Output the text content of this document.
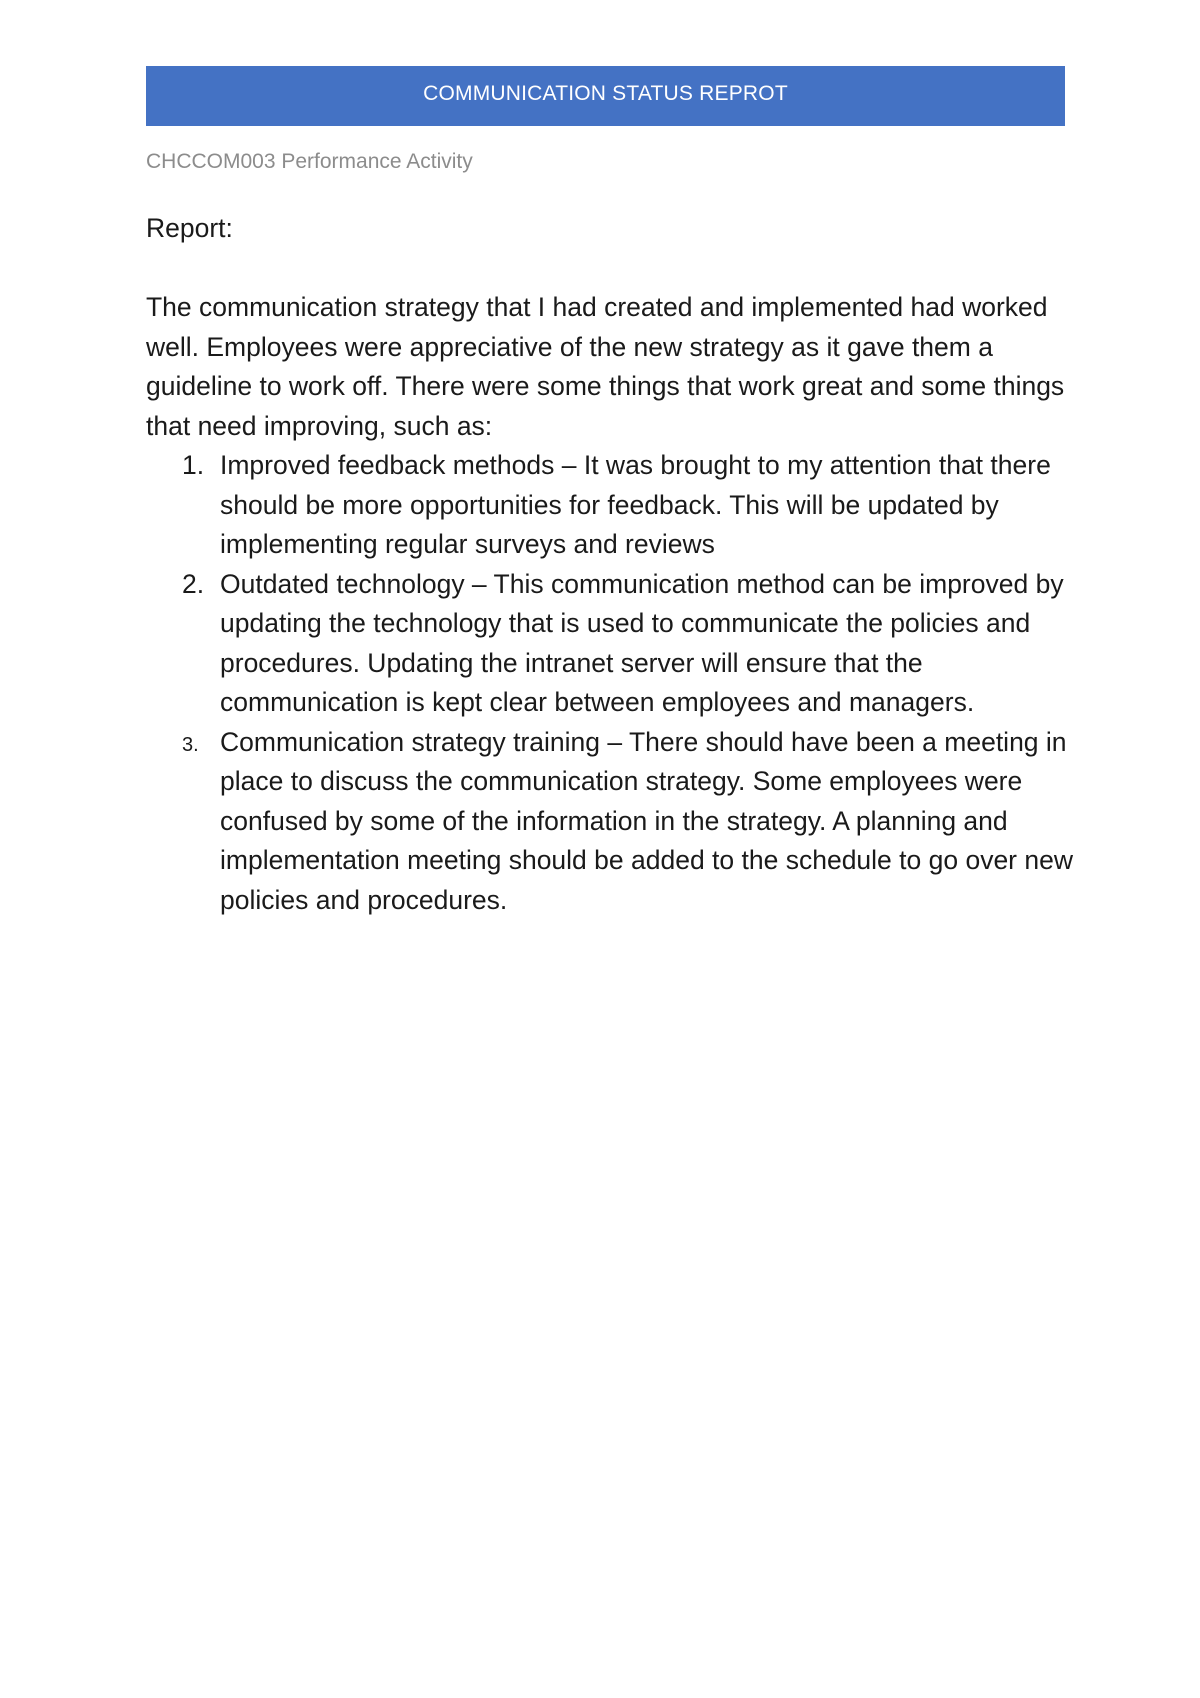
COMMUNICATION STATUS REPROT
CHCCOM003 Performance Activity

Report:

The communication strategy that I had created and implemented had worked well. Employees were appreciative of the new strategy as it gave them a guideline to work off. There were some things that work great and some things that need improving, such as:

1. Improved feedback methods – It was brought to my attention that there should be more opportunities for feedback. This will be updated by implementing regular surveys and reviews
2. Outdated technology – This communication method can be improved by updating the technology that is used to communicate the policies and procedures. Updating the intranet server will ensure that the communication is kept clear between employees and managers.
3. Communication strategy training – There should have been a meeting in place to discuss the communication strategy. Some employees were confused by some of the information in the strategy. A planning and implementation meeting should be added to the schedule to go over new policies and procedures.
